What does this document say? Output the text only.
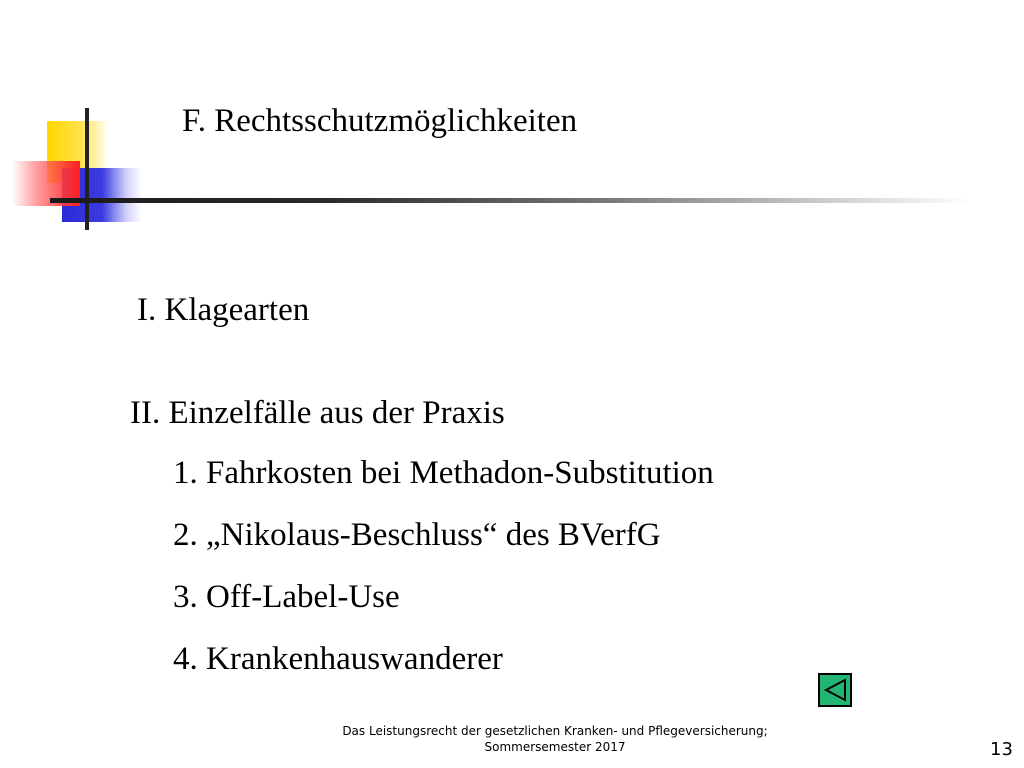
F. Rechtsschutzmöglichkeiten
I. Klagearten
II. Einzelfälle aus der Praxis
1. Fahrkosten bei Methadon-Substitution
2. „Nikolaus-Beschluss“ des BVerfG
3. Off-Label-Use
4. Krankenhauswanderer
Das Leistungsrecht der gesetzlichen Kranken- und Pflegeversicherung;
Sommersemester 2017	13
